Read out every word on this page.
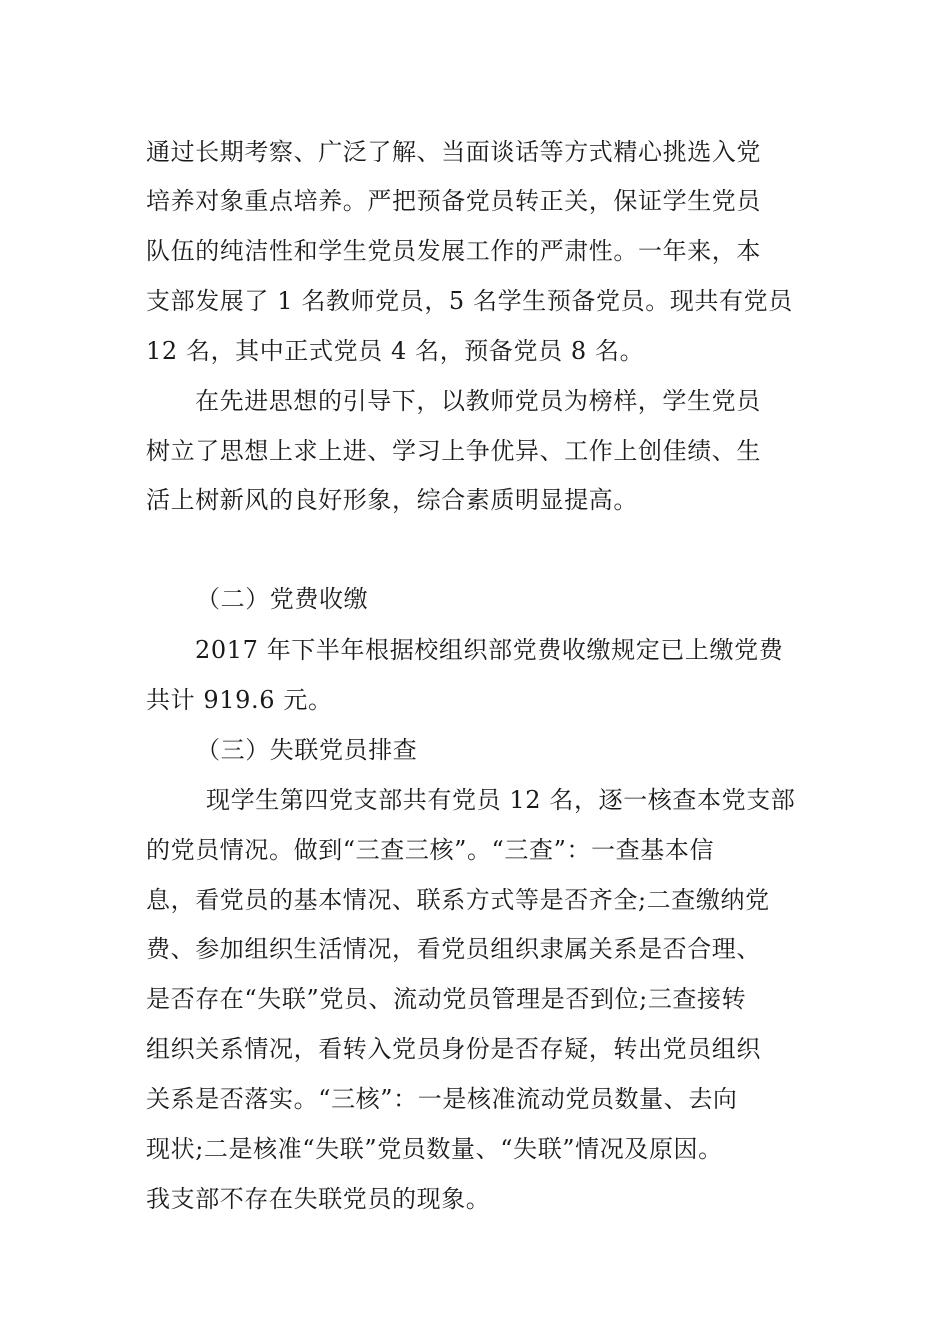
通过长期考察、广泛了解、当面谈话等方式精心挑选入党
培养对象重点培养。严把预备党员转正关，保证学生党员
队伍的纯洁性和学生党员发展工作的严肃性。一年来，本
支部发展了 1 名教师党员，5 名学生预备党员。现共有党员
12 名，其中正式党员 4 名，预备党员 8 名。
在先进思想的引导下，以教师党员为榜样，学生党员
树立了思想上求上进、学习上争优异、工作上创佳绩、生
活上树新风的良好形象，综合素质明显提高。
（二）党费收缴
2017 年下半年根据校组织部党费收缴规定已上缴党费
共计 919.6 元。
（三）失联党员排查
现学生第四党支部共有党员 12 名，逐一核查本党支部
的党员情况。做到“三查三核”。“三查”：一查基本信
息，看党员的基本情况、联系方式等是否齐全;二查缴纳党
费、参加组织生活情况，看党员组织隶属关系是否合理、
是否存在“失联”党员、流动党员管理是否到位;三查接转
组织关系情况，看转入党员身份是否存疑，转出党员组织
关系是否落实。“三核”：一是核准流动党员数量、去向
现状;二是核准“失联”党员数量、“失联”情况及原因。
我支部不存在失联党员的现象。
